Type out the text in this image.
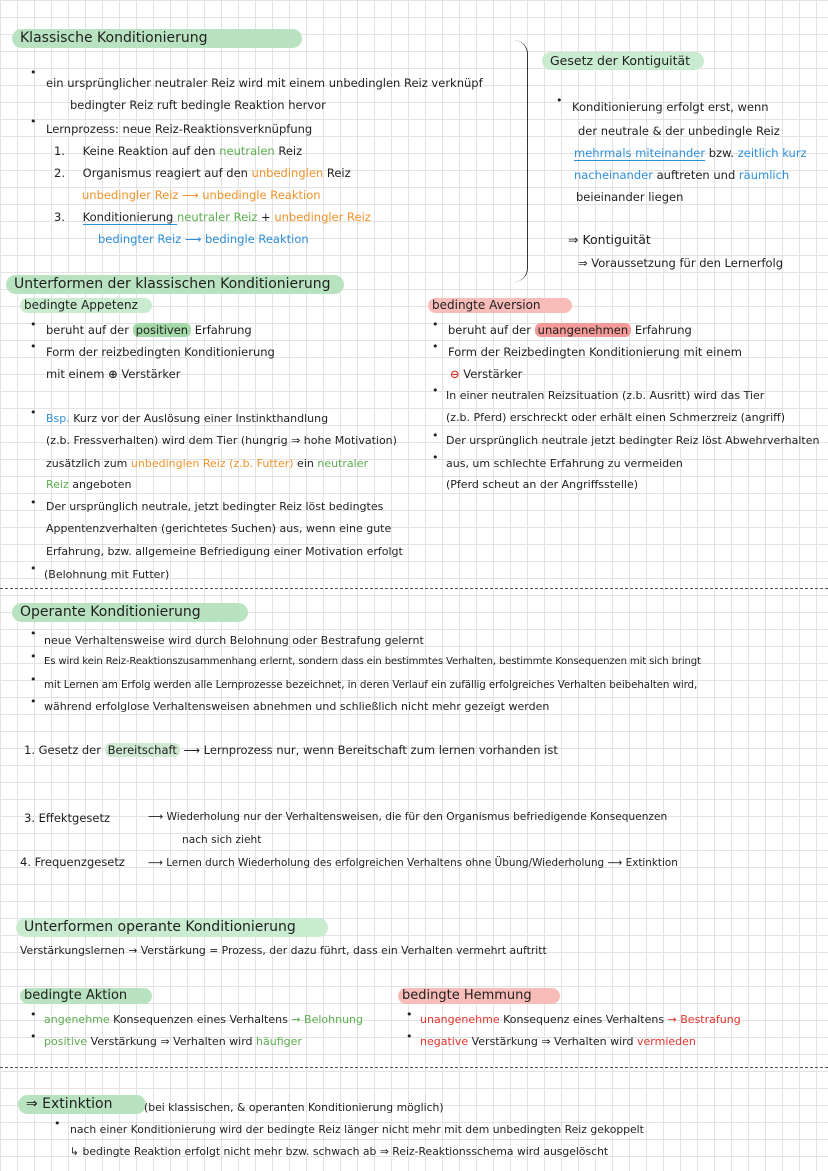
Klassische Konditionierung
•
ein ursprünglicher neutraler Reiz wird mit einem unbedinglen Reiz verknüpf
bedingter Reiz ruft bedingle Reaktion hervor
•
Lernprozess: neue Reiz-Reaktionsverknüpfung
1. Keine Reaktion auf den neutralen Reiz
2. Organismus reagiert auf den unbedinglen Reiz
unbedingler Reiz ⟶ unbedingle Reaktion
3. Konditionierung neutraler Reiz + unbedingler Reiz
bedingter Reiz ⟶ bedingle Reaktion
Gesetz der Kontiguität
• Konditionierung erfolgt erst, wenn
der neutrale & der unbedingle Reiz
mehrmals miteinander bzw. zeitlich kurz
nacheinander auftreten und räumlich
beieinander liegen
⇒ Kontiguität
⇒ Voraussetzung für den Lernerfolg
Unterformen der klassischen Konditionierung
bedingte Appetenz
• beruht auf der positiven Erfahrung
• Form der reizbedingten Konditionierung
mit einem ⊕ Verstärker
• Bsp. Kurz vor der Auslösung einer Instinkthandlung
(z.b. Fressverhalten) wird dem Tier (hungrig ⇒ hohe Motivation)
zusätzlich zum unbedinglen Reiz (z.b. Futter) ein neutraler
Reiz angeboten
• Der ursprünglich neutrale, jetzt bedingter Reiz löst bedingtes
Appentenzverhalten (gerichtetes Suchen) aus, wenn eine gute
Erfahrung, bzw. allgemeine Befriedigung einer Motivation erfolgt
• (Belohnung mit Futter)
bedingte Aversion
• beruht auf der unangenehmen Erfahrung
• Form der Reizbedingten Konditionierung mit einem
⊖ Verstärker
• In einer neutralen Reizsituation (z.b. Ausritt) wird das Tier
(z.b. Pferd) erschreckt oder erhält einen Schmerzreiz (angriff)
• Der ursprünglich neutrale jetzt bedingter Reiz löst Abwehrverhalten
• aus, um schlechte Erfahrung zu vermeiden
(Pferd scheut an der Angriffsstelle)
Operante Konditionierung
•
neue Verhaltensweise wird durch Belohnung oder Bestrafung gelernt
• Es wird kein Reiz-Reaktionszusammenhang erlernt, sondern dass ein bestimmtes Verhalten, bestimmte Konsequenzen mit sich bringt
• mit Lernen am Erfolg werden alle Lernprozesse bezeichnet, in deren Verlauf ein zufällig erfolgreiches Verhalten beibehalten wird,
• während erfolglose Verhaltensweisen abnehmen und schließlich nicht mehr gezeigt werden
1. Gesetz der Bereitschaft ⟶ Lernprozess nur, wenn Bereitschaft zum lernen vorhanden ist
3. Effektgesetz	⟶ Wiederholung nur der Verhaltensweisen, die für den Organismus befriedigende Konsequenzen
nach sich zieht
4. Frequenzgesetz ⟶ Lernen durch Wiederholung des erfolgreichen Verhaltens ohne Übung/Wiederholung ⟶ Extinktion
Unterformen operante Konditionierung
Verstärkungslernen → Verstärkung = Prozess, der dazu führt, dass ein Verhalten vermehrt auftritt
bedingte Aktion
• angenehme Konsequenzen eines Verhaltens → Belohnung
• positive Verstärkung ⇒ Verhalten wird häufiger
bedingte Hemmung
• unangenehme Konsequenz eines Verhaltens → Bestrafung
• negative Verstärkung ⇒ Verhalten wird vermieden
⇒ Extinktion	(bei klassischen, & operanten Konditionierung möglich)
• nach einer Konditionierung wird der bedingte Reiz länger nicht mehr mit dem unbedingten Reiz gekoppelt
↳ bedingte Reaktion erfolgt nicht mehr bzw. schwach ab ⇒ Reiz-Reaktionsschema wird ausgelöscht
